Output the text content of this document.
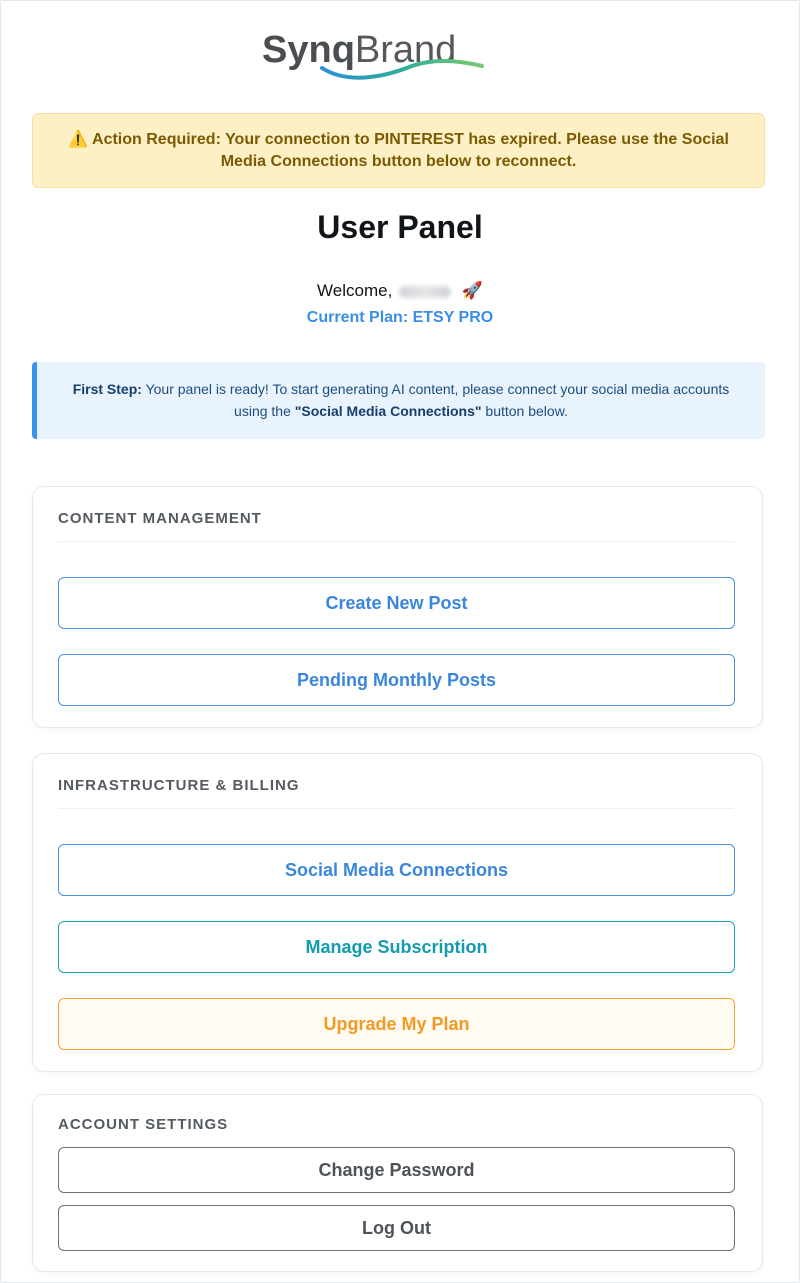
SynqBrand
⚠️ Action Required: Your connection to PINTEREST has expired. Please use the Social Media Connections button below to reconnect.
User Panel
Welcome,	🚀
Current Plan: ETSY PRO
First Step: Your panel is ready! To start generating AI content, please connect your social media accounts using the "Social Media Connections" button below.
CONTENT MANAGEMENT
Create New Post
Pending Monthly Posts
INFRASTRUCTURE & BILLING
Social Media Connections
Manage Subscription
Upgrade My Plan
ACCOUNT SETTINGS
Change Password
Log Out
